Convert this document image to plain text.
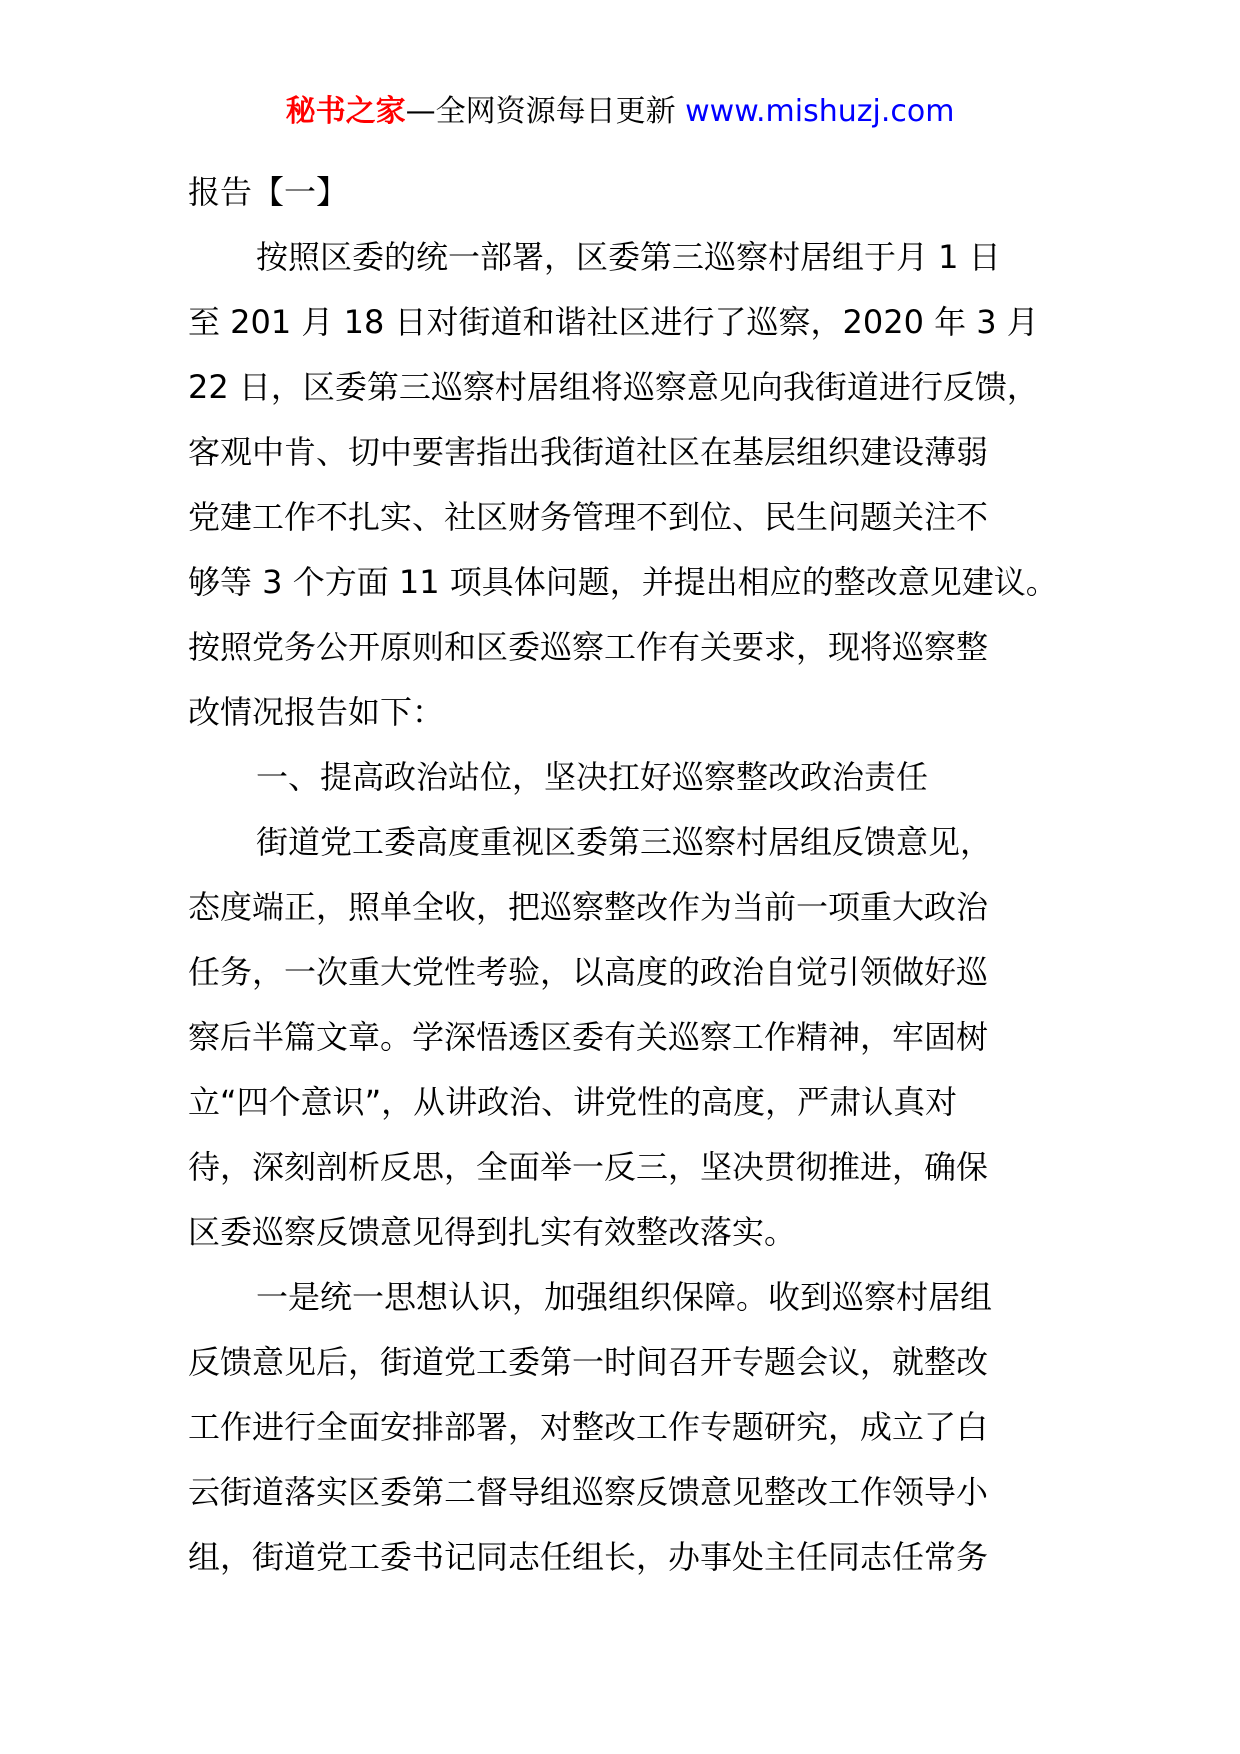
秘书之家—全网资源每日更新 www.mishuzj.com
报告【一】
按照区委的统一部署，区委第三巡察村居组于月 1 日
至 201 月 18 日对街道和谐社区进行了巡察，2020 年 3 月
22 日，区委第三巡察村居组将巡察意见向我街道进行反馈，
客观中肯、切中要害指出我街道社区在基层组织建设薄弱
党建工作不扎实、社区财务管理不到位、民生问题关注不
够等 3 个方面 11 项具体问题，并提出相应的整改意见建议。
按照党务公开原则和区委巡察工作有关要求，现将巡察整
改情况报告如下：
一、提高政治站位，坚决扛好巡察整改政治责任
街道党工委高度重视区委第三巡察村居组反馈意见，
态度端正，照单全收，把巡察整改作为当前一项重大政治
任务，一次重大党性考验，以高度的政治自觉引领做好巡
察后半篇文章。学深悟透区委有关巡察工作精神，牢固树
立“四个意识”，从讲政治、讲党性的高度，严肃认真对
待，深刻剖析反思，全面举一反三，坚决贯彻推进，确保
区委巡察反馈意见得到扎实有效整改落实。
一是统一思想认识，加强组织保障。收到巡察村居组
反馈意见后，街道党工委第一时间召开专题会议，就整改
工作进行全面安排部署，对整改工作专题研究，成立了白
云街道落实区委第二督导组巡察反馈意见整改工作领导小
组，街道党工委书记同志任组长，办事处主任同志任常务
